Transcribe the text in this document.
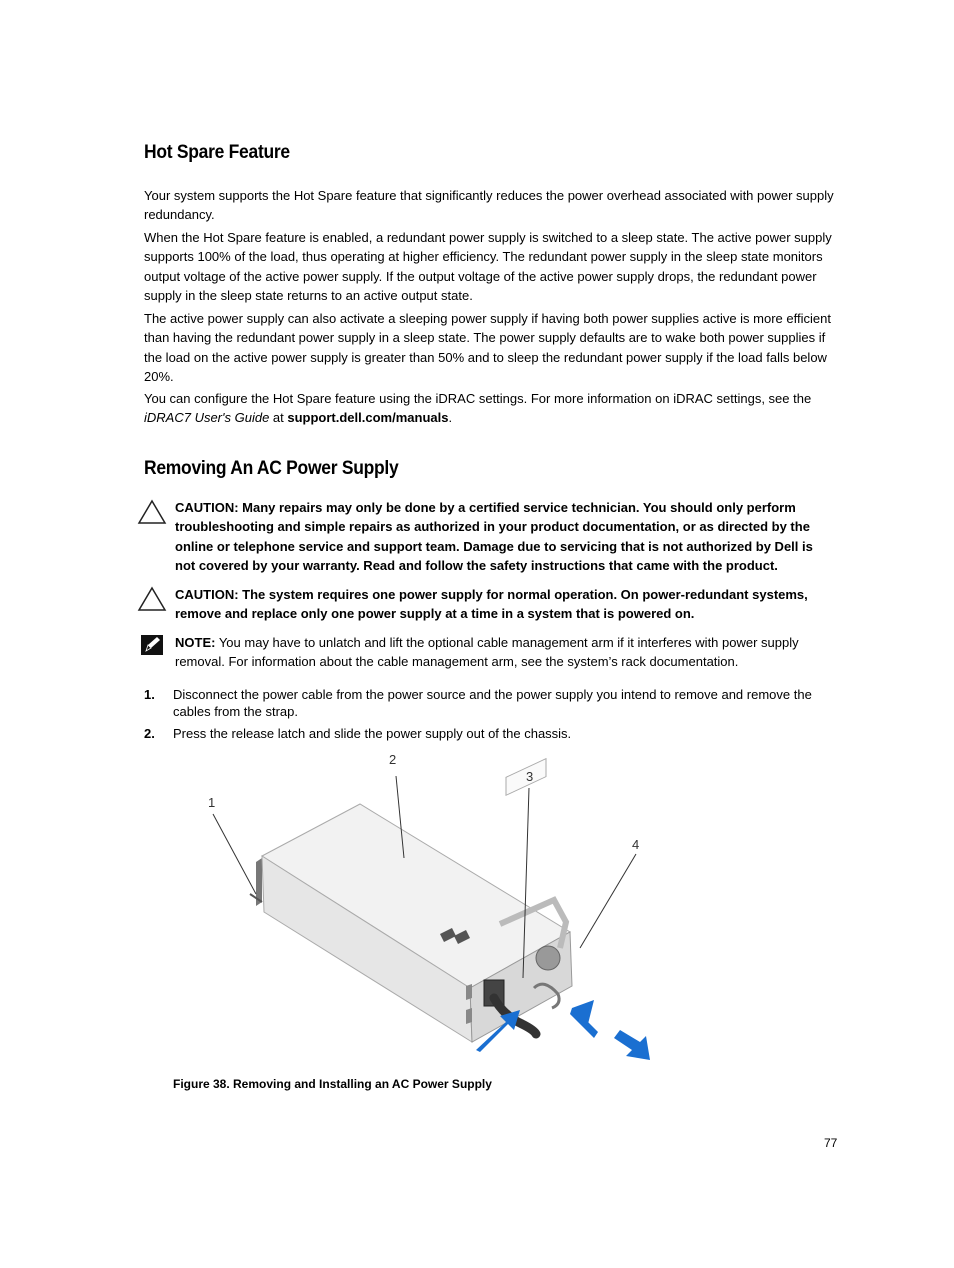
Hot Spare Feature

Your system supports the Hot Spare feature that significantly reduces the power overhead associated with power supply redundancy.

When the Hot Spare feature is enabled, a redundant power supply is switched to a sleep state. The active power supply supports 100% of the load, thus operating at higher efficiency. The redundant power supply in the sleep state monitors output voltage of the active power supply. If the output voltage of the active power supply drops, the redundant power supply in the sleep state returns to an active output state.

The active power supply can also activate a sleeping power supply if having both power supplies active is more efficient than having the redundant power supply in a sleep state. The power supply defaults are to wake both power supplies if the load on the active power supply is greater than 50% and to sleep the redundant power supply if the load falls below 20%.

You can configure the Hot Spare feature using the iDRAC settings. For more information on iDRAC settings, see the iDRAC7 User's Guide at support.dell.com/manuals.

Removing An AC Power Supply
CAUTION: Many repairs may only be done by a certified service technician. You should only perform troubleshooting and simple repairs as authorized in your product documentation, or as directed by the online or telephone service and support team. Damage due to servicing that is not authorized by Dell is not covered by your warranty. Read and follow the safety instructions that came with the product.
CAUTION: The system requires one power supply for normal operation. On power-redundant systems, remove and replace only one power supply at a time in a system that is powered on.
NOTE: You may have to unlatch and lift the optional cable management arm if it interferes with power supply removal. For information about the cable management arm, see the system’s rack documentation.
1. Disconnect the power cable from the power source and the power supply you intend to remove and remove the cables from the strap.
2. Press the release latch and slide the power supply out of the chassis.
1
2
3
4
Figure 38. Removing and Installing an AC Power Supply
77
